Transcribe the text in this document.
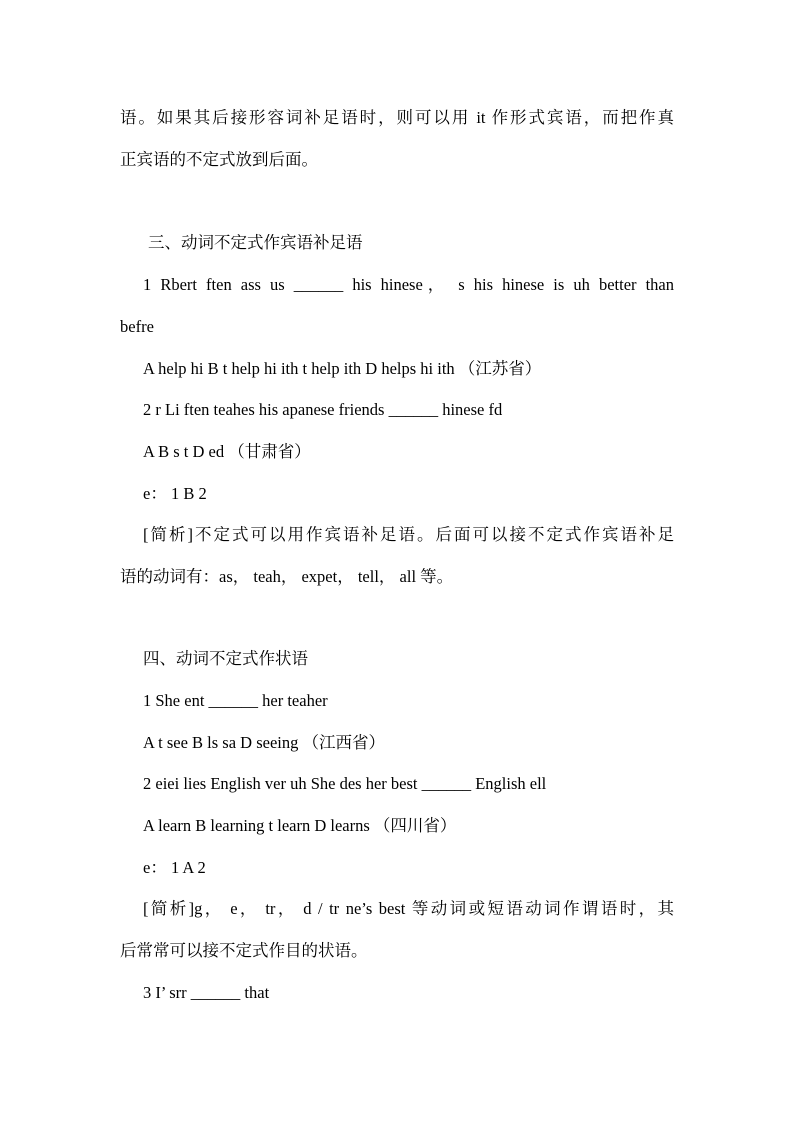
语。如果其后接形容词补足语时，则可以用 it 作形式宾语，而把作真
正宾语的不定式放到后面。
三、动词不定式作宾语补足语
1 Rbert ften ass us ______ his hinese， s his hinese is uh better than
befre
A help hi B t help hi ith t help ith D helps hi ith （江苏省）
2 r Li ften teahes his apanese friends ______ hinese fd
A B s t D ed （甘肃省）
e： 1 B 2
[简析]不定式可以用作宾语补足语。后面可以接不定式作宾语补足
语的动词有：as， teah， expet， tell， all 等。
四、动词不定式作状语
1 She ent ______ her teaher
A t see B ls sa D seeing （江西省）
2 eiei lies English ver uh She des her best ______ English ell
A learn B learning t learn D learns （四川省）
e： 1 A 2
[简析]g， e， tr， d / tr ne’s best 等动词或短语动词作谓语时，其
后常常可以接不定式作目的状语。
3 I’ srr ______ that
